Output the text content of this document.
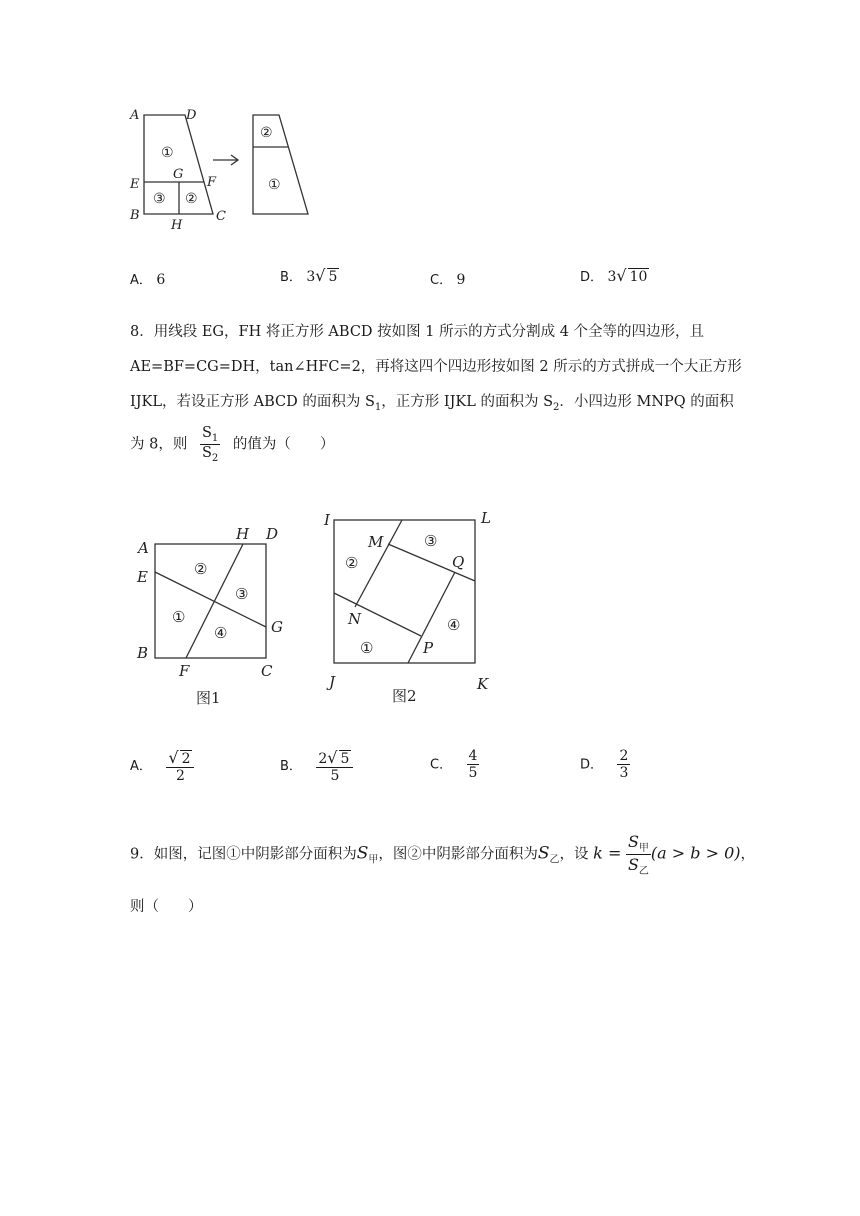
A	D
E
G
F
B	C
H
①
③ ②
②
①
A． 6	B． 3√ 5	C． 9	D． 3√ 10
8．用线段 EG，FH 将正方形 ABCD 按如图 1 所示的方式分割成 4 个全等的四边形，且
AE=BF=CG=DH，tan∠HFC=2，再将这四个四边形按如图 2 所示的方式拼成一个大正方形
IJKL，若设正方形 ABCD 的面积为 $S_1$，正方形 IJKL 的面积为 $S_2$．小四边形 MNPQ 的面积
为 8，则 $\frac{S_1}{S_2}$ 的值为（　　）
A
H D
E
G
B
F	C
②
③
①
④
图1
I	L
M
Q
N
P
J	K
③
②
④
①
图2
A． $\frac{√ 2}{2}$	B． $\frac{2√ 5}{5}$	C． $\frac{4}{5}$	D． $\frac{2}{3}$
9．如图，记图①中阴影部分面积为$S_甲$，图②中阴影部分面积为$S_乙$，设 $k = \frac{S_甲}{S_乙} (a > b > 0)$，
则（　　）
